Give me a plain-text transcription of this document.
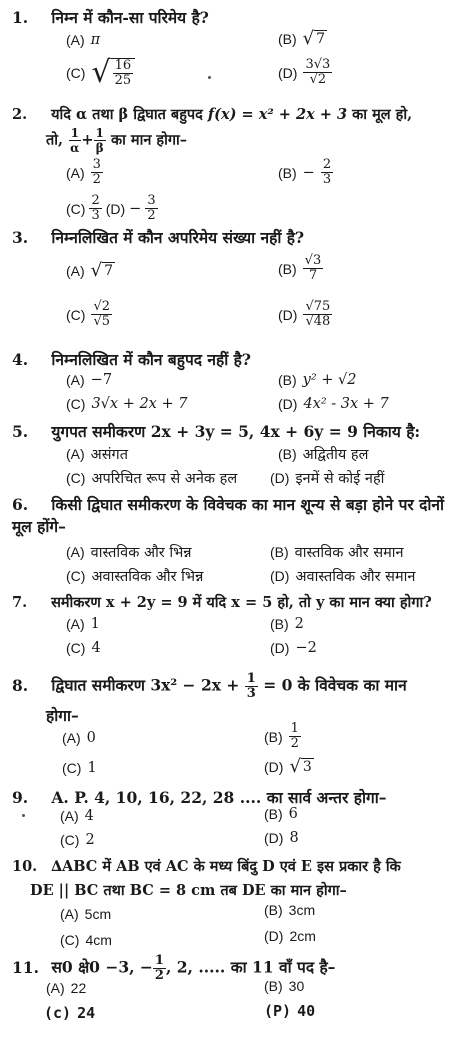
1. निम्न में कौन-सा परिमेय है?
(A) π	(B) √ 7
(C) √ $\frac{16}{25}$	$(D) \frac{3√3}{√2}$
2. यदि α तथा β द्विघात बहुपद f(x) = x² + 2x + 3 का मूल हो,
तो, $\frac{1}{\alpha} + \frac{1}{\beta}$ का मान होगा–
$(A) \frac{3}{2}$	$(B) - \frac{2}{3}$
$(C) \frac{2}{3} (D) - \frac{3}{2}$
3. निम्नलिखित में कौन अपरिमेय संख्या नहीं है?
(A) √ 7	$(B) \frac{√3}{7}$
$(C) \frac{√2}{√5}$	$(D) \frac{√75}{√48}$
4. निम्नलिखित में कौन बहुपद नहीं है?
(A) −7	(B) y² + √2
(C) 3√x + 2x + 7	(D) 4x² - 3x + 7
5. युगपत समीकरण 2x + 3y = 5, 4x + 6y = 9 निकाय है:
(A) असंगत	(B) अद्वितीय हल
(C) अपरिचित रूप से अनेक हल (D) इनमें से कोई नहीं
6. किसी द्विघात समीकरण के विवेचक का मान शून्य से बड़ा होने पर दोनों मूल होंगे–
(A) वास्तविक और भिन्न	(B) वास्तविक और समान
(C) अवास्तविक और भिन्न	(D) अवास्तविक और समान
7. समीकरण x + 2y = 9 में यदि x = 5 हो, तो y का मान क्या होगा?
(A) 1	(B) 2
(C) 4	(D) −2
8. द्विघात समीकरण $3x^2 - 2x + \frac{1}{3} = 0$ के विवेचक का मान
होगा–
(A) 0	$(B) \frac{1}{2}$
(C) 1	(D) √ 3
9. A. P. 4, 10, 16, 22, 28 .... का सार्व अन्तर होगा–
(A) 4	(B) 6
(C) 2	(D) 8
10. ∆ABC में AB एवं AC के मध्य बिंदु D एवं E इस प्रकार है कि
DE || BC तथा BC = 8 cm तब DE का मान होगा–
(A) 5cm	(B) 3cm
(C) 4cm	(D) 2cm
11. स0 क्षे0 −3, − $\frac{1}{2}$ , 2, ..... का 11 वाँ पद है–
(A) 22	(B) 30
(c) 24	(P) 40
